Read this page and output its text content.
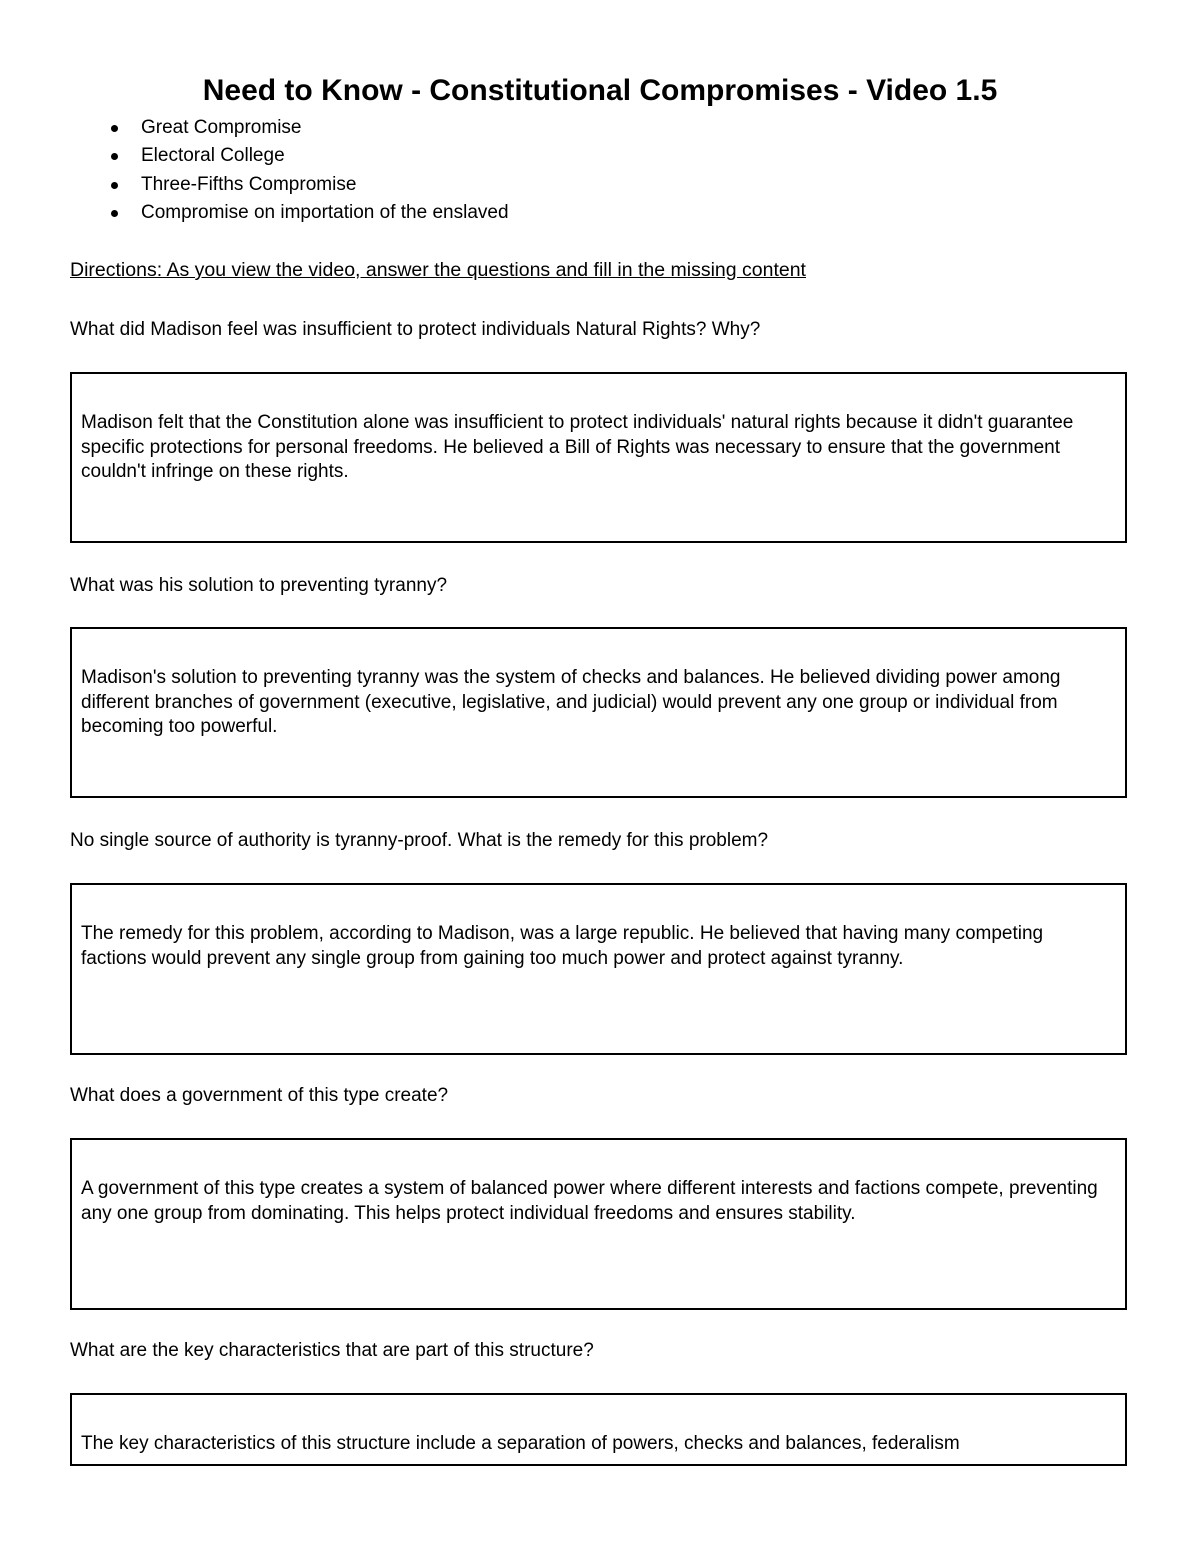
Need to Know - Constitutional Compromises - Video 1.5
Great Compromise
Electoral College
Three-Fifths Compromise
Compromise on importation of the enslaved
Directions: As you view the video, answer the questions and fill in the missing content
What did Madison feel was insufficient to protect individuals Natural Rights? Why?

Madison felt that the Constitution alone was insufficient to protect individuals' natural rights because it didn't guarantee specific protections for personal freedoms. He believed a Bill of Rights was necessary to ensure that the government couldn't infringe on these rights.

What was his solution to preventing tyranny?

Madison's solution to preventing tyranny was the system of checks and balances. He believed dividing power among different branches of government (executive, legislative, and judicial) would prevent any one group or individual from becoming too powerful.

No single source of authority is tyranny-proof. What is the remedy for this problem?

The remedy for this problem, according to Madison, was a large republic. He believed that having many competing factions would prevent any single group from gaining too much power and protect against tyranny.

What does a government of this type create?

A government of this type creates a system of balanced power where different interests and factions compete, preventing any one group from dominating. This helps protect individual freedoms and ensures stability.

What are the key characteristics that are part of this structure?

The key characteristics of this structure include a separation of powers, checks and balances, federalism
